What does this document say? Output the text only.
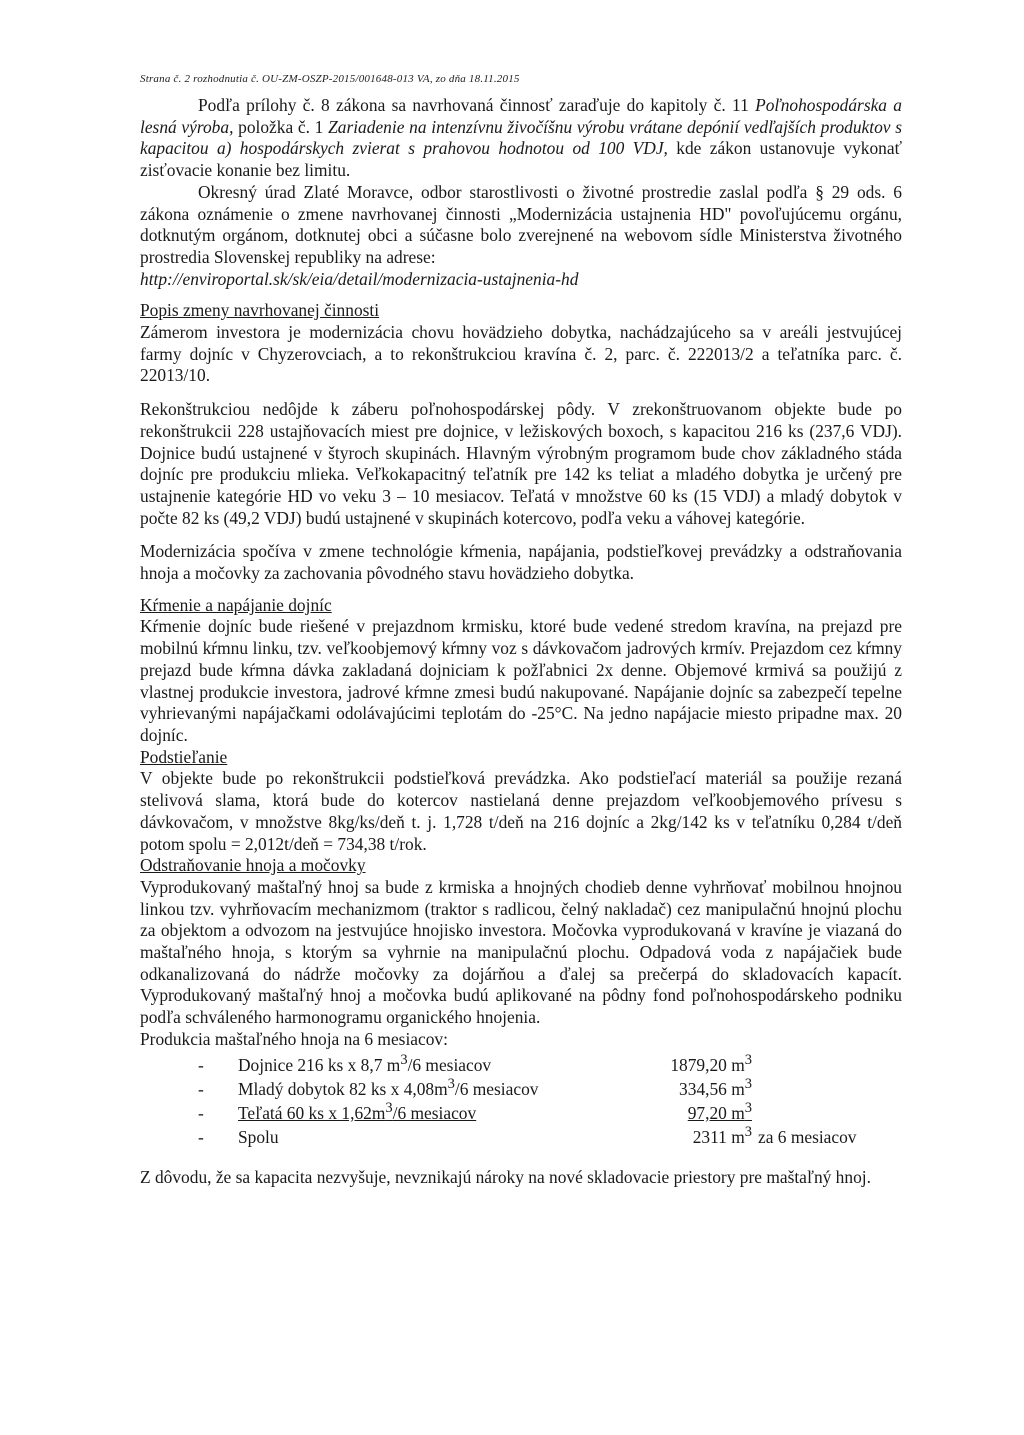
Strana č. 2 rozhodnutia č. OU-ZM-OSZP-2015/001648-013 VA, zo dňa 18.11.2015

Podľa prílohy č. 8 zákona sa navrhovaná činnosť zaraďuje do kapitoly č. 11 Poľnohospodárska a lesná výroba, položka č. 1 Zariadenie na intenzívnu živočíšnu výrobu vrátane depónií vedľajších produktov s kapacitou a) hospodárskych zvierat s prahovou hodnotou od 100 VDJ, kde zákon ustanovuje vykonať zisťovacie konanie bez limitu.

Okresný úrad Zlaté Moravce, odbor starostlivosti o životné prostredie zaslal podľa § 29 ods. 6 zákona oznámenie o zmene navrhovanej činnosti „Modernizácia ustajnenia HD" povoľujúcemu orgánu, dotknutým orgánom, dotknutej obci a súčasne bolo zverejnené na webovom sídle Ministerstva životného prostredia Slovenskej republiky na adrese:

http://enviroportal.sk/sk/eia/detail/modernizacia-ustajnenia-hd

Popis zmeny navrhovanej činnosti

Zámerom investora je modernizácia chovu hovädzieho dobytka, nachádzajúceho sa v areáli jestvujúcej farmy dojníc v Chyzerovciach, a to rekonštrukciou kravína č. 2, parc. č. 222013/2 a teľatníka parc. č. 22013/10.

Rekonštrukciou nedôjde k záberu poľnohospodárskej pôdy. V zrekonštruovanom objekte bude po rekonštrukcii 228 ustajňovacích miest pre dojnice, v ležiskových boxoch, s kapacitou 216 ks (237,6 VDJ). Dojnice budú ustajnené v štyroch skupinách. Hlavným výrobným programom bude chov základného stáda dojníc pre produkciu mlieka. Veľkokapacitný teľatník pre 142 ks teliat a mladého dobytka je určený pre ustajnenie kategórie HD vo veku 3 – 10 mesiacov. Teľatá v množstve 60 ks (15 VDJ) a mladý dobytok v počte 82 ks (49,2 VDJ) budú ustajnené v skupinách kotercovo, podľa veku a váhovej kategórie.

Modernizácia spočíva v zmene technológie kŕmenia, napájania, podstieľkovej prevádzky a odstraňovania hnoja a močovky za zachovania pôvodného stavu hovädzieho dobytka.

Kŕmenie a napájanie dojníc

Kŕmenie dojníc bude riešené v prejazdnom krmisku, ktoré bude vedené stredom kravína, na prejazd pre mobilnú kŕmnu linku, tzv. veľkoobjemový kŕmny voz s dávkovačom jadrových krmív. Prejazdom cez kŕmny prejazd bude kŕmna dávka zakladaná dojniciam k požľabnici 2x denne. Objemové krmivá sa použijú z vlastnej produkcie investora, jadrové kŕmne zmesi budú nakupované. Napájanie dojníc sa zabezpečí tepelne vyhrievanými napájačkami odolávajúcimi teplotám do -25°C. Na jedno napájacie miesto pripadne max. 20 dojníc.

Podstieľanie

V objekte bude po rekonštrukcii podstieľková prevádzka. Ako podstieľací materiál sa použije rezaná stelivová slama, ktorá bude do kotercov nastielaná denne prejazdom veľkoobjemového prívesu s dávkovačom, v množstve 8kg/ks/deň t. j. 1,728 t/deň na 216 dojníc a 2kg/142 ks v teľatníku 0,284 t/deň potom spolu = 2,012t/deň = 734,38 t/rok.

Odstraňovanie hnoja a močovky

Vyprodukovaný maštaľný hnoj sa bude z krmiska a hnojných chodieb denne vyhrňovať mobilnou hnojnou linkou tzv. vyhrňovacím mechanizmom (traktor s radlicou, čelný nakladač) cez manipulačnú hnojnú plochu za objektom a odvozom na jestvujúce hnojisko investora. Močovka vyprodukovaná v kravíne je viazaná do maštaľného hnoja, s ktorým sa vyhrnie na manipulačnú plochu. Odpadová voda z napájačiek bude odkanalizovaná do nádrže močovky za dojárňou a ďalej sa prečerpá do skladovacích kapacít. Vyprodukovaný maštaľný hnoj a močovka budú aplikované na pôdny fond poľnohospodárskeho podniku podľa schváleného harmonogramu organického hnojenia.

Produkcia maštaľného hnoja na 6 mesiacov:

-	Dojnice 216 ks x 8,7 $m^3/6$ mesiacov	1879,20 $m^3$
-	Mladý dobytok 82 ks x $4,08m^3/6$ mesiacov	334,56 $m^3$
-	Teľatá 60 ks x $1,62m^3/6$ mesiacov	97,20 $m^3$
-	Spolu	2311 $m^3$ za 6 mesiacov

Z dôvodu, že sa kapacita nezvyšuje, nevznikajú nároky na nové skladovacie priestory pre maštaľný hnoj.
